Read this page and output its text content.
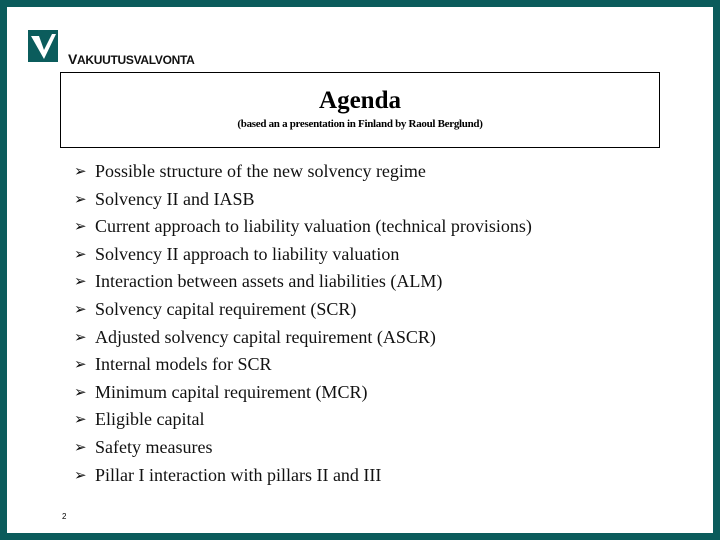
VAKUUTUSVALVONTA
Agenda
(based an a presentation in Finland by Raoul Berglund)
➢ Possible structure of the new solvency regime
➢ Solvency II and IASB
➢ Current approach to liability valuation (technical provisions)
➢ Solvency II approach to liability valuation
➢ Interaction between assets and liabilities (ALM)
➢ Solvency capital requirement (SCR)
➢ Adjusted solvency capital requirement (ASCR)
➢ Internal models for SCR
➢ Minimum capital requirement (MCR)
➢ Eligible capital
➢ Safety measures
➢ Pillar I interaction with pillars II and III
2
